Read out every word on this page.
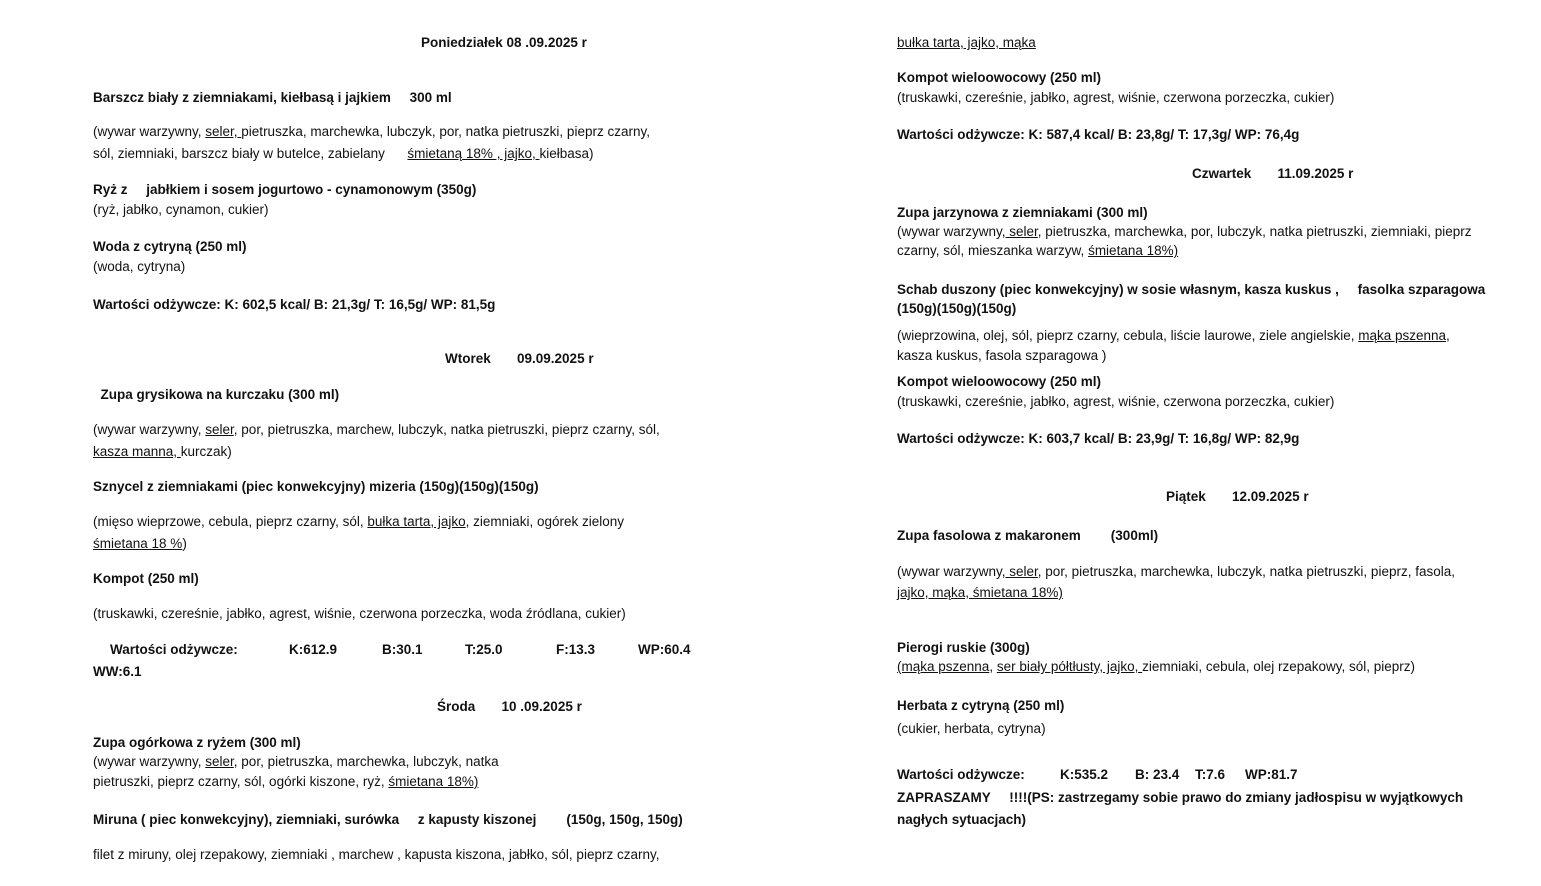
Poniedziałek 08 .09.2025 r
Barszcz biały z ziemniakami, kiełbasą i jajkiem     300 ml
(wywar warzywny, seler, pietruszka, marchewka, lubczyk, por, natka pietruszki, pieprz czarny,
sól, ziemniaki, barszcz biały w butelce, zabielany      śmietaną 18% , jajko, kiełbasa)
Ryż z     jabłkiem i sosem jogurtowo - cynamonowym (350g)
(ryż, jabłko, cynamon, cukier)
Woda z cytryną (250 ml)
(woda, cytryna)
Wartości odżywcze: K: 602,5 kcal/ B: 21,3g/ T: 16,5g/ WP: 81,5g
Wtorek       09.09.2025 r
Zupa grysikowa na kurczaku (300 ml)
(wywar warzywny, seler, por, pietruszka, marchew, lubczyk, natka pietruszki, pieprz czarny, sól,
kasza manna, kurczak)
Sznycel z ziemniakami (piec konwekcyjny) mizeria (150g)(150g)(150g)
(mięso wieprzowe, cebula, pieprz czarny, sól, bułka tarta, jajko, ziemniaki, ogórek zielony
śmietana 18 %)
Kompot (250 ml)
(truskawki, czereśnie, jabłko, agrest, wiśnie, czerwona porzeczka, woda źródlana, cukier)
Wartości odżywcze:	K:612.9	B:30.1	T:25.0	F:13.3	WP:60.4
WW:6.1
Środa       10 .09.2025 r
Zupa ogórkowa z ryżem (300 ml)
(wywar warzywny, seler, por, pietruszka, marchewka, lubczyk, natka
pietruszki, pieprz czarny, sól, ogórki kiszone, ryż, śmietana 18%)
Miruna ( piec konwekcyjny), ziemniaki, surówka     z kapusty kiszonej        (150g, 150g, 150g)
filet z miruny, olej rzepakowy, ziemniaki , marchew , kapusta kiszona, jabłko, sól, pieprz czarny,
bułka tarta, jajko, mąka
Kompot wieloowocowy (250 ml)
(truskawki, czereśnie, jabłko, agrest, wiśnie, czerwona porzeczka, cukier)
Wartości odżywcze: K: 587,4 kcal/ B: 23,8g/ T: 17,3g/ WP: 76,4g
Czwartek       11.09.2025 r
Zupa jarzynowa z ziemniakami (300 ml)
(wywar warzywny, seler, pietruszka, marchewka, por, lubczyk, natka pietruszki, ziemniaki, pieprz
czarny, sól, mieszanka warzyw, śmietana 18%)
Schab duszony (piec konwekcyjny) w sosie własnym, kasza kuskus ,     fasolka szparagowa
(150g)(150g)(150g)
(wieprzowina, olej, sól, pieprz czarny, cebula, liście laurowe, ziele angielskie, mąka pszenna,
kasza kuskus, fasola szparagowa )
Kompot wieloowocowy (250 ml)
(truskawki, czereśnie, jabłko, agrest, wiśnie, czerwona porzeczka, cukier)
Wartości odżywcze: K: 603,7 kcal/ B: 23,9g/ T: 16,8g/ WP: 82,9g
Piątek       12.09.2025 r
Zupa fasolowa z makaronem        (300ml)
(wywar warzywny, seler, por, pietruszka, marchewka, lubczyk, natka pietruszki, pieprz, fasola,
jajko, mąka, śmietana 18%)
Pierogi ruskie (300g)
(mąka pszenna, ser biały półtłusty, jajko, ziemniaki, cebula, olej rzepakowy, sól, pieprz)
Herbata z cytryną (250 ml)
(cukier, herbata, cytryna)
Wartości odżywcze:	K:535.2 B: 23.4 T:7.6 WP:81.7
ZAPRASZAMY     !!!!(PS: zastrzegamy sobie prawo do zmiany jadłospisu w wyjątkowych
nagłych sytuacjach)
